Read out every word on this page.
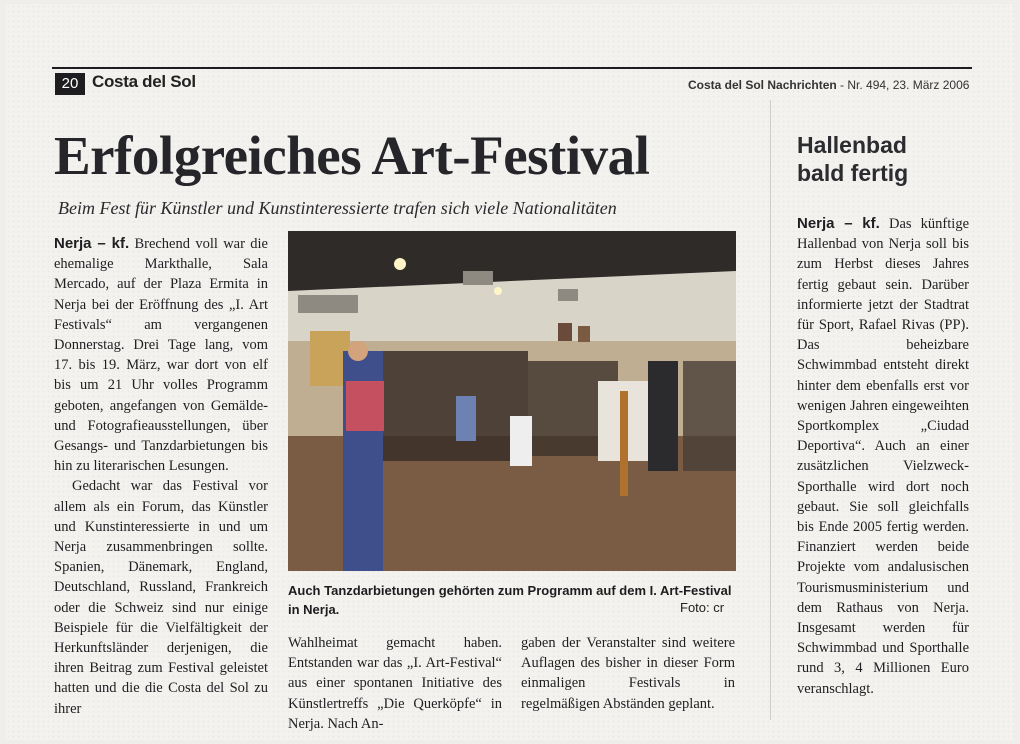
20 Costa del Sol	Costa del Sol Nachrichten - Nr. 494, 23. März 2006
Erfolgreiches Art-Festival
Beim Fest für Künstler und Kunstinteressierte trafen sich viele Nationalitäten

Nerja – kf. Brechend voll war die ehemalige Markthalle, Sala Mercado, auf der Plaza Ermita in Nerja bei der Eröffnung des „I. Art Festivals“ am vergangenen Donnerstag. Drei Tage lang, vom 17. bis 19. März, war dort von elf bis um 21 Uhr volles Programm geboten, angefangen von Gemälde- und Fotografieausstellungen, über Gesangs- und Tanzdarbietungen bis hin zu literarischen Lesungen.

Gedacht war das Festival vor allem als ein Forum, das Künstler und Kunstinteressierte in und um Nerja zusammenbringen sollte. Spanien, Dänemark, England, Deutschland, Russland, Frankreich oder die Schweiz sind nur einige Beispiele für die Vielfältigkeit der Herkunftsländer derjenigen, die ihren Beitrag zum Festival geleistet hatten und die die Costa del Sol zu ihrer

Auch Tanzdarbietungen gehörten zum Programm auf dem I. Art-Festival in Nerja.	Foto: cr

Wahlheimat gemacht haben. Entstanden war das „I. Art-Festival“ aus einer spontanen Initiative des Künstlertreffs „Die Querköpfe“ in Nerja. Nach An-

gaben der Veranstalter sind weitere Auflagen des bisher in dieser Form einmaligen Festivals in regelmäßigen Abständen geplant.

Hallenbad bald fertig

Nerja – kf. Das künftige Hallenbad von Nerja soll bis zum Herbst dieses Jahres fertig gebaut sein. Darüber informierte jetzt der Stadtrat für Sport, Rafael Rivas (PP). Das beheizbare Schwimmbad entsteht direkt hinter dem ebenfalls erst vor wenigen Jahren eingeweihten Sportkomplex „Ciudad Deportiva“. Auch an einer zusätzlichen Vielzweck-Sporthalle wird dort noch gebaut. Sie soll gleichfalls bis Ende 2005 fertig werden. Finanziert werden beide Projekte vom andalusischen Tourismusministerium und dem Rathaus von Nerja. Insgesamt werden für Schwimmbad und Sporthalle rund 3, 4 Millionen Euro veranschlagt.
